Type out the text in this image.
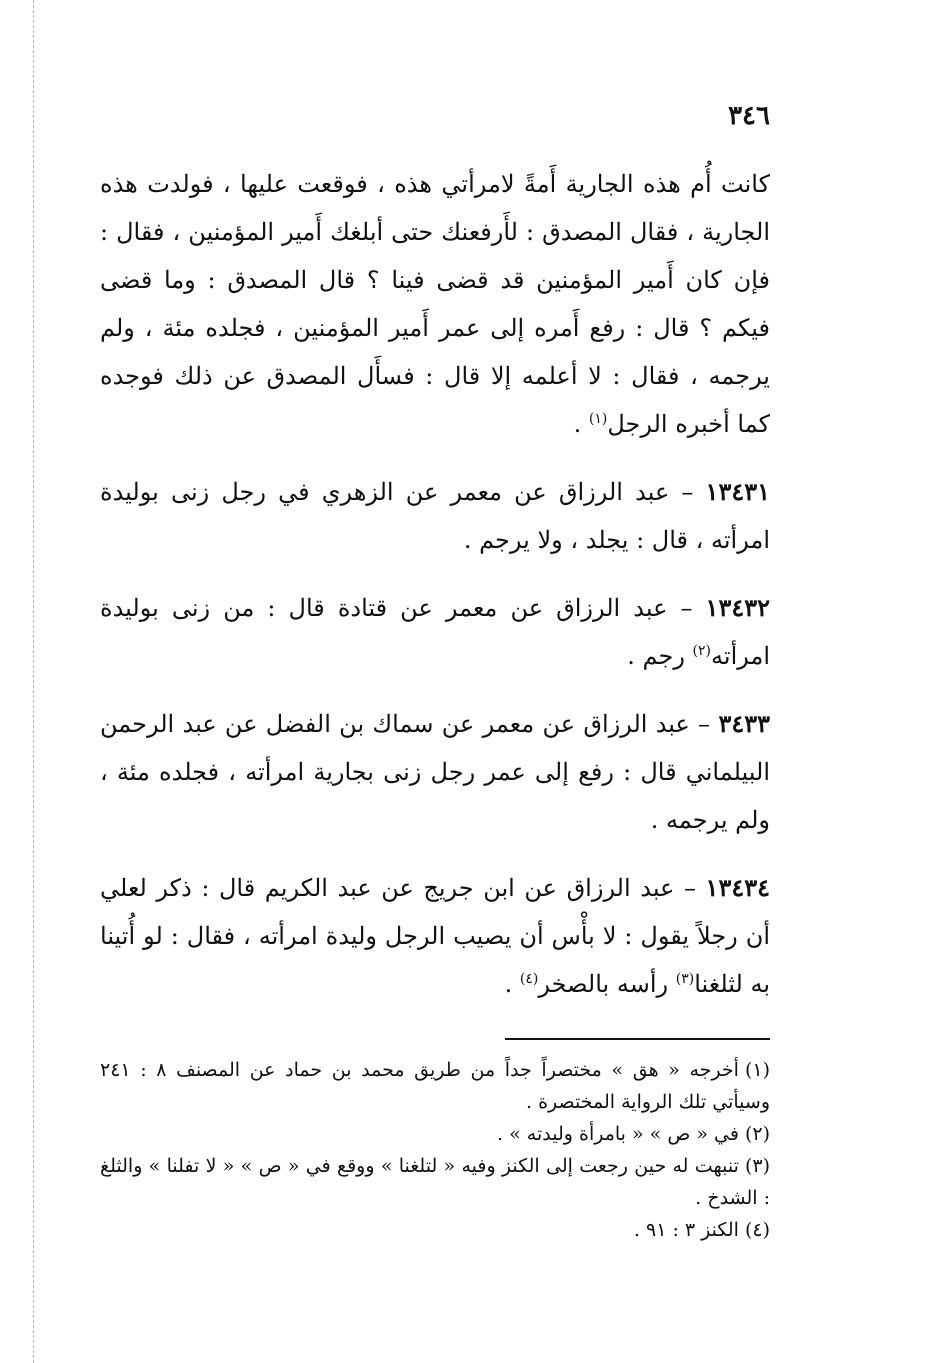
٣٤٦

كانت أُم هذه الجارية أَمةً لامرأتي هذه ، فوقعت عليها ، فولدت هذه الجارية ، فقال المصدق : لأَرفعنك حتى أبلغك أَمير المؤمنين ، فقال : فإن كان أَمير المؤمنين قد قضى فينا ؟ قال المصدق : وما قضى فيكم ؟ قال : رفع أَمره إلى عمر أَمير المؤمنين ، فجلده مئة ، ولم يرجمه ، فقال : لا أعلمه إلا قال : فسأَل المصدق عن ذلك فوجده كما أخبره الرجل$^{(١)}$ .

١٣٤٣١ – عبد الرزاق عن معمر عن الزهري في رجل زنى بوليدة امرأته ، قال : يجلد ، ولا يرجم .

١٣٤٣٢ – عبد الرزاق عن معمر عن قتادة قال : من زنى بوليدة امرأته$^{(٢)}$ رجم .

٣٤٣٣ – عبد الرزاق عن معمر عن سماك بن الفضل عن عبد الرحمن البيلماني قال : رفع إلى عمر رجل زنى بجارية امرأته ، فجلده مئة ، ولم يرجمه .

١٣٤٣٤ – عبد الرزاق عن ابن جريج عن عبد الكريم قال : ذكر لعلي أن رجلاً يقول : لا بأْس أن يصيب الرجل وليدة امرأته ، فقال : لو أُتينا به لثلغنا$^{(٣)}$ رأسه بالصخر$^{(٤)}$ .

(١)أخرجه « هق » مختصراً جداً من طريق محمد بن حماد عن المصنف ٨ : ٢٤١ وسيأتي تلك الرواية المختصرة .

(٢)في « ص » « بامرأة وليدته » .

(٣)تنبهت له حين رجعت إلى الكنز وفيه « لتلغنا » ووقع في « ص » « لا تفلنا » والثلغ : الشدخ .

(٤)الكنز ٣ : ٩١ .
